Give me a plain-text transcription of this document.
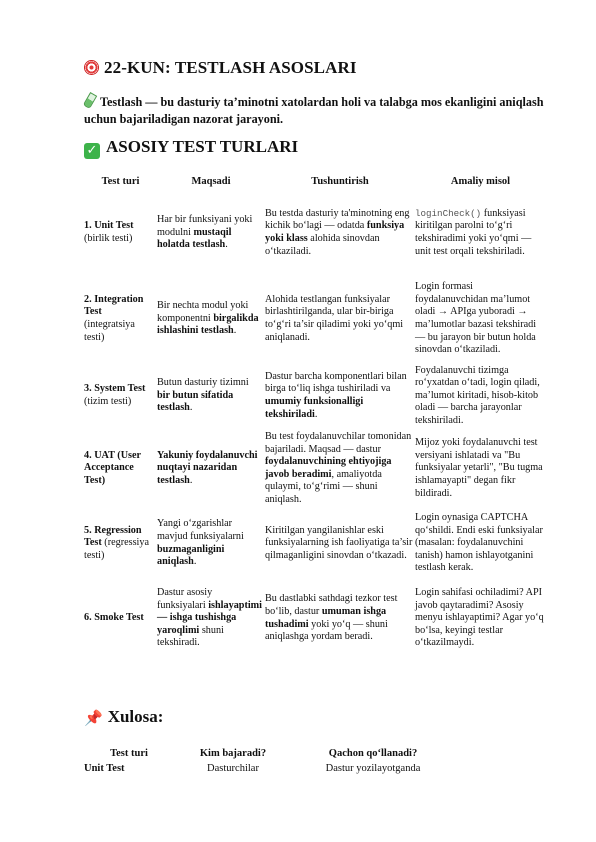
22-KUN: TESTLASH ASOSLARI

Testlash — bu dasturiy ta’minotni xatolardan holi va talabga mos ekanligini aniqlash uchun bajariladigan nazorat jarayoni.

✓ ASOSIY TEST TURLARI
Test turi	Maqsadi	Tushuntirish	Amaliy misol
1. Unit Test (birlik testi)	Har bir funksiyani yoki modulni mustaqil holatda testlash.	Bu testda dasturiy ta'minotning eng kichik bo‘lagi — odatda funksiya yoki klass alohida sinovdan o‘tkaziladi.	loginCheck() funksiyasi kiritilgan parolni to‘g‘ri tekshiradimi yoki yo‘qmi — unit test orqali tekshiriladi.
2. Integration Test (integratsiya testi)	Bir nechta modul yoki komponentni birgalikda ishlashini testlash.	Alohida testlangan funksiyalar birlashtirilganda, ular bir-biriga to‘g‘ri ta’sir qiladimi yoki yo‘qmi aniqlanadi.	Login formasi foydalanuvchidan ma’lumot oladi → APIga yuboradi → ma’lumotlar bazasi tekshiradi — bu jarayon bir butun holda sinovdan o‘tkaziladi.
3. System Test (tizim testi)	Butun dasturiy tizimni bir butun sifatida testlash.	Dastur barcha komponentlari bilan birga to‘liq ishga tushiriladi va umumiy funksionalligi tekshiriladi.	Foydalanuvchi tizimga ro‘yxatdan o‘tadi, login qiladi, ma’lumot kiritadi, hisob-kitob oladi — barcha jarayonlar tekshiriladi.
4. UAT (User Acceptance Test)	Yakuniy foydalanuvchi nuqtayi nazaridan testlash.	Bu test foydalanuvchilar tomonidan bajariladi. Maqsad — dastur foydalanuvchining ehtiyojiga javob beradimi, amaliyotda qulaymi, to‘g‘rimi — shuni aniqlash.	Mijoz yoki foydalanuvchi test versiyani ishlatadi va "Bu funksiyalar yetarli", "Bu tugma ishlamayapti" degan fikr bildiradi.
5. Regression Test (regressiya testi)	Yangi o‘zgarishlar mavjud funksiyalarni buzmaganligini aniqlash.	Kiritilgan yangilanishlar eski funksiyalarning ish faoliyatiga ta’sir qilmaganligini sinovdan o‘tkazadi.	Login oynasiga CAPTCHA qo‘shildi. Endi eski funksiyalar (masalan: foydalanuvchini tanish) hamon ishlayotganini testlash kerak.
6. Smoke Test	Dastur asosiy funksiyalari ishlayaptimi — ishga tushishga yaroqlimi shuni tekshiradi.	Bu dastlabki sathdagi tezkor test bo‘lib, dastur umuman ishga tushadimi yoki yo‘q — shuni aniqlashga yordam beradi.	Login sahifasi ochiladimi? API javob qaytaradimi? Asosiy menyu ishlayaptimi? Agar yo‘q bo‘lsa, keyingi testlar o‘tkazilmaydi.
📌 Xulosa:
Test turi	Kim bajaradi?	Qachon qo‘llanadi?
Unit Test	Dasturchilar	Dastur yozilayotganda
